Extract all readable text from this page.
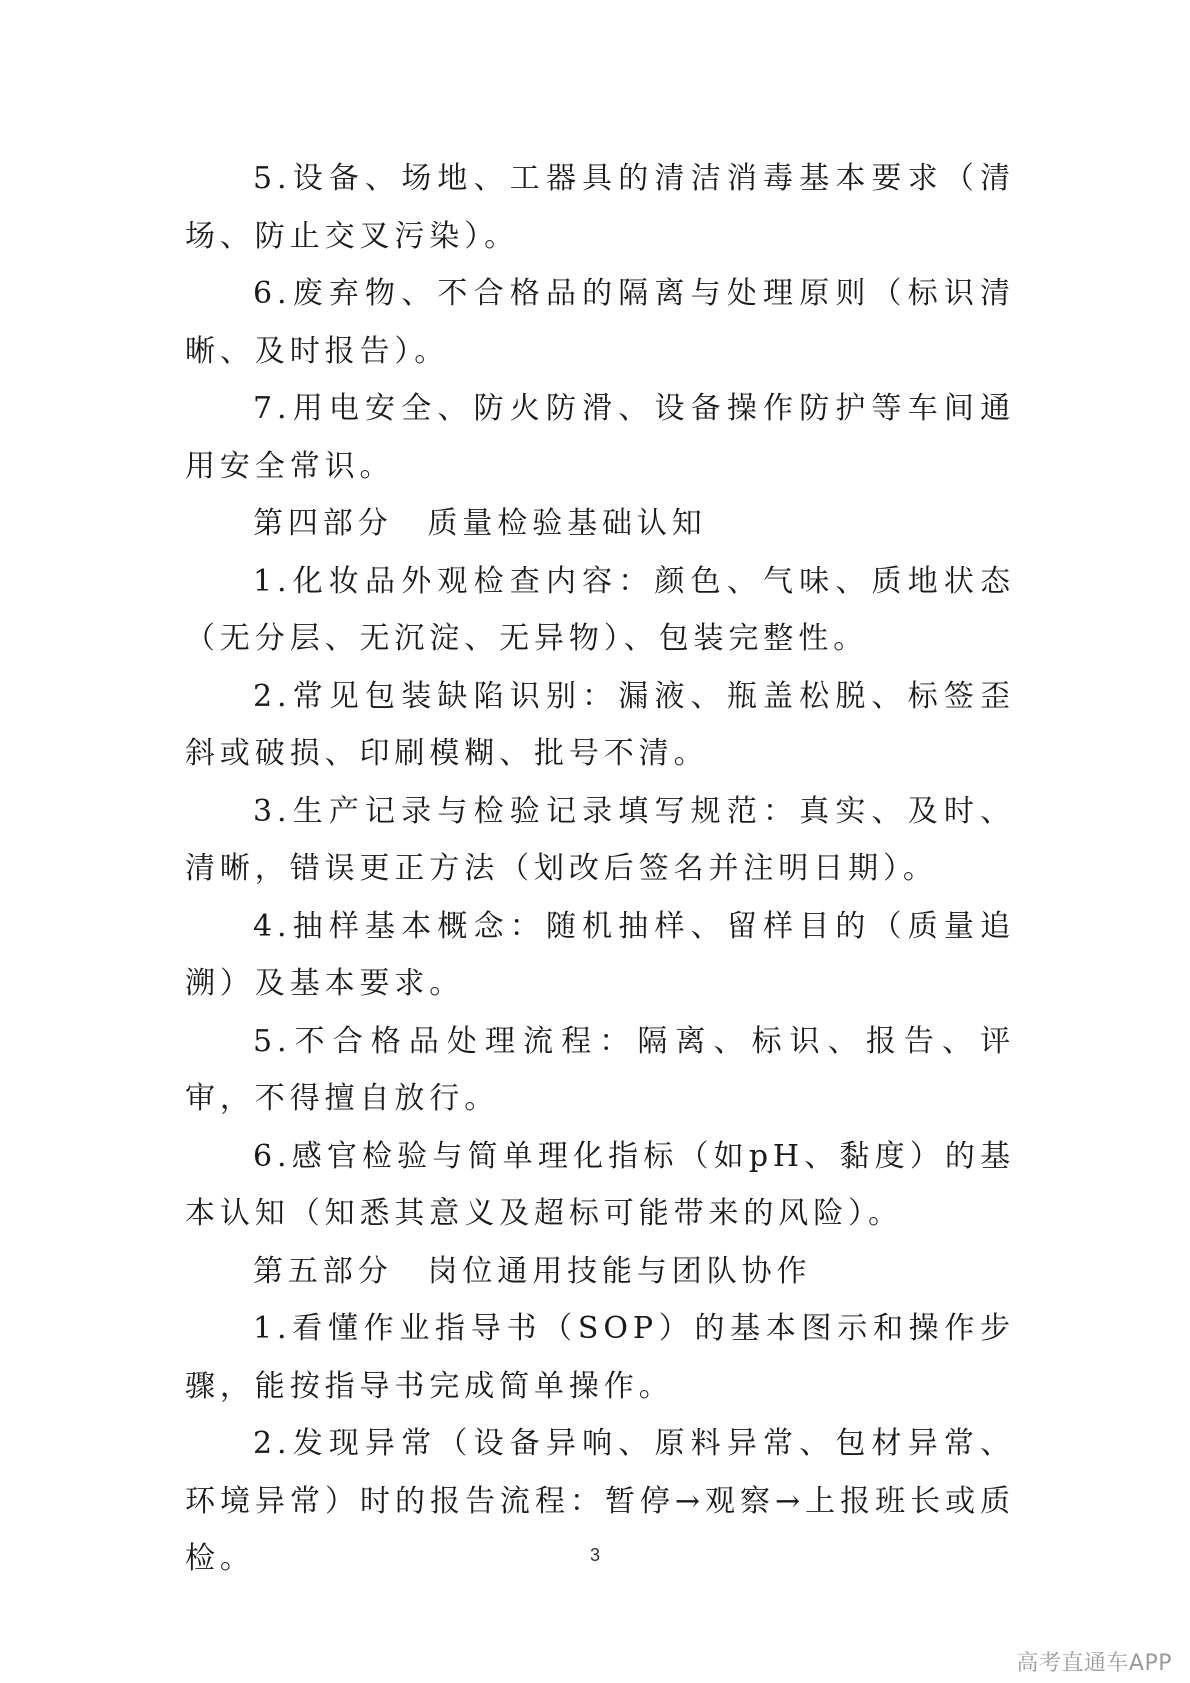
5.设备、场地、工器具的清洁消毒基本要求（清场、防止交叉污染）。

6.废弃物、不合格品的隔离与处理原则（标识清晰、及时报告）。

7.用电安全、防火防滑、设备操作防护等车间通用安全常识。

第四部分　质量检验基础认知

1.化妆品外观检查内容：颜色、气味、质地状态（无分层、无沉淀、无异物）、包装完整性。

2.常见包装缺陷识别：漏液、瓶盖松脱、标签歪斜或破损、印刷模糊、批号不清。

3.生产记录与检验记录填写规范：真实、及时、清晰，错误更正方法（划改后签名并注明日期）。

4.抽样基本概念：随机抽样、留样目的（质量追溯）及基本要求。

5.不合格品处理流程：隔离、标识、报告、评审，不得擅自放行。

6.感官检验与简单理化指标（如pH、黏度）的基本认知（知悉其意义及超标可能带来的风险）。

第五部分　岗位通用技能与团队协作

1.看懂作业指导书（SOP）的基本图示和操作步骤，能按指导书完成简单操作。

2.发现异常（设备异响、原料异常、包材异常、环境异常）时的报告流程：暂停→观察→上报班长或质检。	3
高考直通车APP
